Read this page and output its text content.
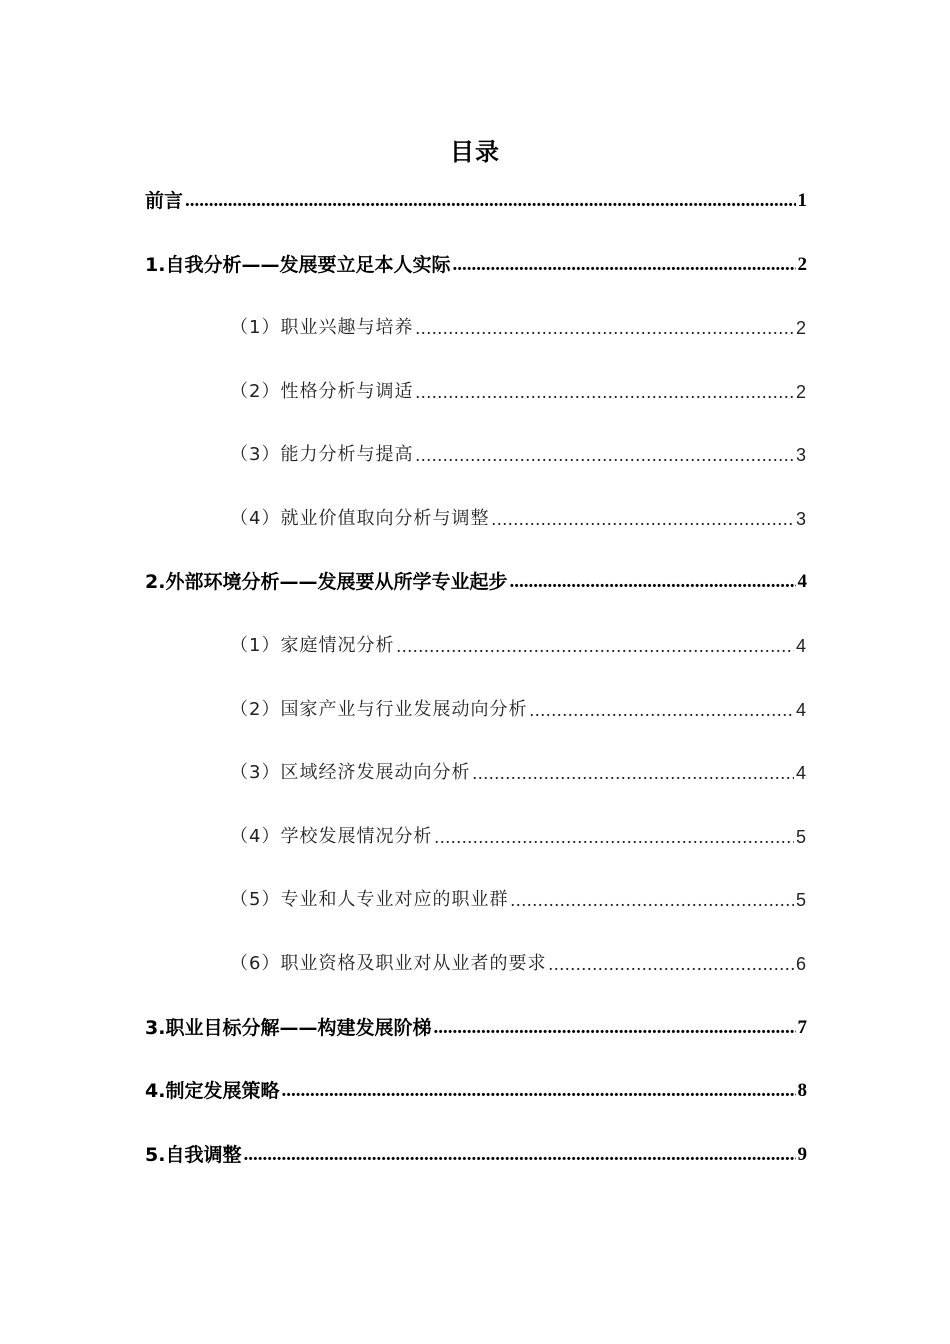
目录
前言 .....	1
1.自我分析——发展要立足本人实际 .....	2
（1）职业兴趣与培养 .....	2
（2）性格分析与调适 .....	2
（3）能力分析与提高 .....	3
（4）就业价值取向分析与调整 .....	3
2.外部环境分析——发展要从所学专业起步 .....	4
（1）家庭情况分析 .....	4
（2）国家产业与行业发展动向分析 .....	4
（3）区域经济发展动向分析 .....	4
（4）学校发展情况分析 .....	5
（5）专业和人专业对应的职业群 .....	5
（6）职业资格及职业对从业者的要求 .....	6
3.职业目标分解——构建发展阶梯 .....	7
4.制定发展策略 .....	8
5.自我调整 .....	9
